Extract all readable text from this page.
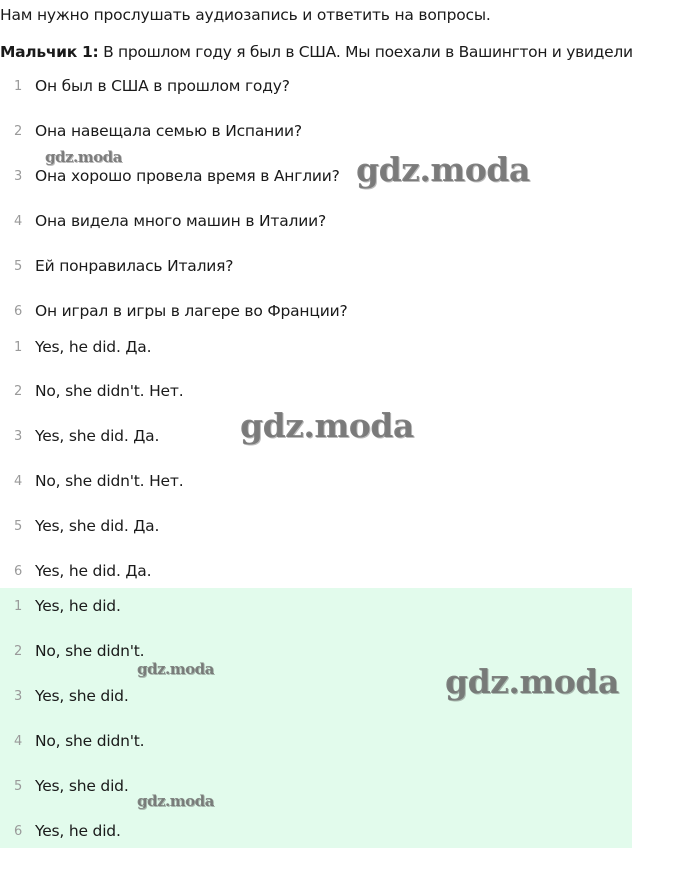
Нам нужно прослушать аудиозапись и ответить на вопросы.
Мальчик 1: В прошлом году я был в США. Мы поехали в Вашингтон и увидели
1 Он был в США в прошлом году?
2 Она навещала семью в Испании?
3 Она хорошо провела время в Англии?
4 Она видела много машин в Италии?
5 Ей понравилась Италия?
6 Он играл в игры в лагере во Франции?
1 Yes, he did. Да.
2 No, she didn't. Нет.
3 Yes, she did. Да.
4 No, she didn't. Нет.
5 Yes, she did. Да.
6 Yes, he did. Да.
1 Yes, he did.
2 No, she didn't.
3 Yes, she did.
4 No, she didn't.
5 Yes, she did.
6 Yes, he did.
gdz.moda	gdz.moda
gdz.moda
gdz.moda	gdz.moda
gdz.moda
